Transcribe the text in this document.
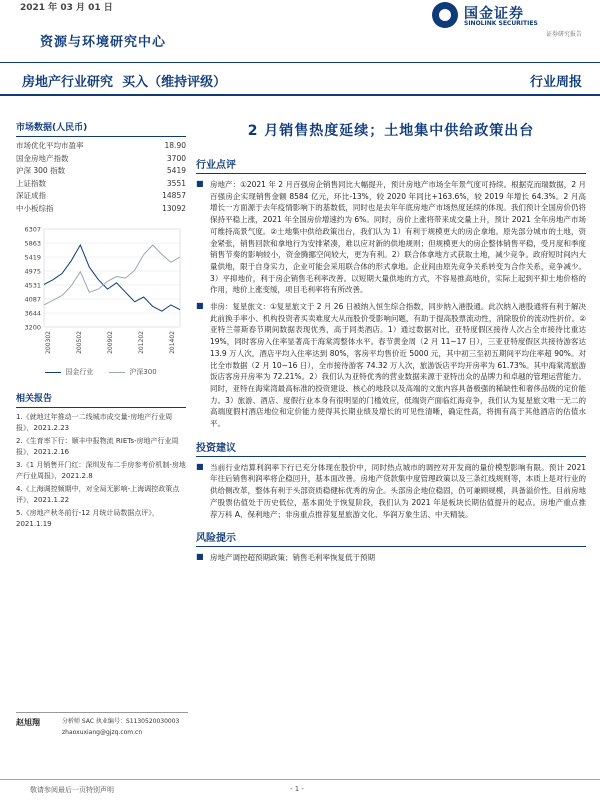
2021 年 03 月 01 日	国金证券
SINOLINK SECURITIES
证券研究报告
资源与环境研究中心
房地产行业研究 买入（维持评级）	行业周报
市场数据(人民币)
市场优化平均市盈率	18.90
国金房地产指数	3700
沪深 300 指数	5419
上证指数	3551
深证成指	14857
中小板综指	13092
6307
5863
5419
4975
4531
4087
3644
3200
200302	200502	200902	201202	201402
国金行业	沪深300
相关报告
1.《就地过年推动一二线城市成交量-房地产行业周报》，2021.2.23
2.《生育率下行：顺丰中报物流 RIETs-房地产行业周报》，2021.2.16
3.《1 月销售开门红：深圳发布二手房参考价机制-房地产行业周报》，2021.2.8
4.《上海调控频期中，对全局无影响-上海调控政策点评》，2021.1.22
5.《房地产秋冬前行-12 月统计局数据点评》，2021.1.19
赵旭翔	分析师 SAC 执业编号：S1130520030003
zhaoxuxiang@gjzq.com.cn
2 月销售热度延续；土地集中供给政策出台
行业点评
■ 房地产：①2021 年 2 月百强房企销售同比大幅提升，预计房地产市场全年景气度可持续。根据克而瑞数据，2 月百强房企实现销售金额 8584 亿元，环比-13%，较 2020 年同比+163.6%，较 2019 年增长 64.3%。2 月高增长一方面源于去年疫情影响下的基数低，同时也是去年年底房地产市场热度延续的体现。我们预计全国房价仍将保持平稳上涨，2021 年全国房价增速约为 6%。同时，房价上涨将带来成交量上升，预计 2021 全年房地产市场可维持高景气度。②土地集中供给政策出台，我们认为 1）有利于规模更大的房企拿地。原先部分城市的土地，资金紧张，销售回款和拿地行为安排紧凑，难以应对新的供地规则；但规模更大的房企整体销售平稳，受月度和季度销售节奏的影响较小，资金腾挪空间较大，更为有利。2）联合体拿地方式获取土地，减少竞争。政府短时间内大量供地，限于自身实力，企业可能会采用联合体的形式拿地。企业间由原先竞争关系转变为合作关系，竞争减少。3）平抑地价，利于房企销售毛利率改善。以短期大量供地的方式，不容易推高地价，实际上起到平抑土地价格的作用，地价上涨变缓，项目毛利率将有所改善。
■ 非房：复星旅文：①复星旅文于 2 月 26 日被纳入恒生综合指数，同步纳入港股通。此次纳入港股通将有利于解决此前换手率小、机构投资者买卖难度大从而股价受影响问题，有助于提高股票流动性，消除股价的流动性折价。②亚特兰蒂斯春节期间数据表现优秀，高于同类酒店。1）通过数据对比，亚特度假区接待人次占全市接待比重达 19%，同时客房入住率显著高于海棠湾整体水平。春节黄金周（2 月 11~17 日），三亚亚特度假区共接待游客达 13.9 万人次，酒店平均入住率达到 80%，客房平均售价近 5000 元，其中初三至初五期间平均住率超 90%。对比全市数据（2 月 10~16 日），全市接待游客 74.32 万人次，旅游饭店平均开房率为 61.73%。其中海棠湾旅游饭店客房开房率为 72.21%。2）我们认为亚特优秀的营业数据来源于亚特出众的品牌力和卓越的管理运营能力。同时，亚特在海棠湾最高标准的投资建设、核心的地段以及高端的文旅内容具备极强的稀缺性和奢侈品级的定价能力。3）旅游、酒店、度假行业本身有很明显的门槛效应，低端资产面临红海竞争，我们认为复星旅文唯一无二的高端度假村酒店地位和定价能力使得其长期业绩及增长的可见性清晰，确定性高，将拥有高于其他酒店的估值水平。
投资建议
■ 当前行业结算利润率下行已充分体现在股价中，同时热点城市的调控对开发商的量价模型影响有限。预计 2021 年往后销售利润率将企稳回升，基本面改善。房地产贷款集中度管理政策以及三条红线规则等，本质上是对行业的供给侧改革，整体有利于头部资质稳健标优秀的房企。头部房企地位稳固，仍可兼顾规模，具备溢价性。目前房地产股票估值处于历史低位，基本面处于恢复阶段，我们认为 2021 年是板块长期估值提升的起点。房地产重点推荐万科 A、保利地产；非房重点推荐复星旅游文化、华润万象生活、中天精装。
风险提示
■ 房地产调控超预期政策；销售毛利率恢复低于预期
敬请参阅最后一页特别声明	- 1 -
